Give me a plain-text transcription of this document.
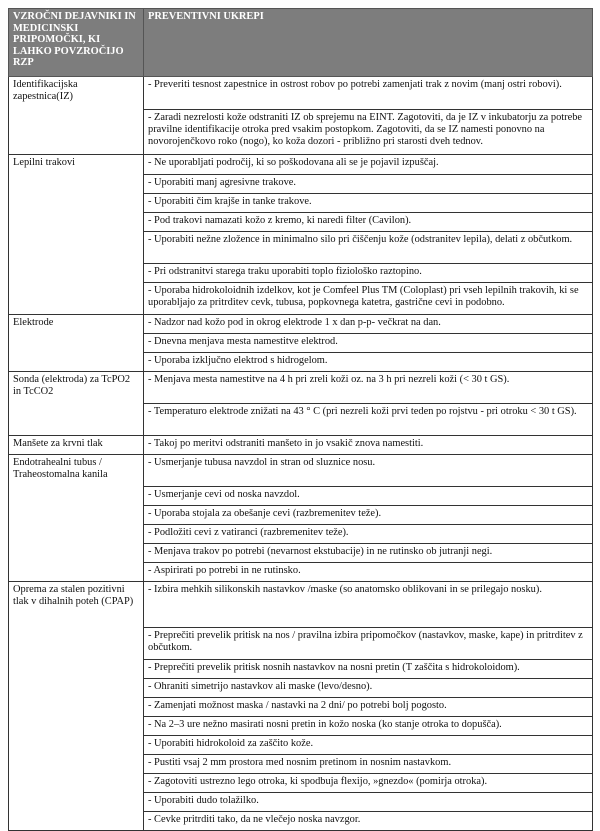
VZROČNI DEJAVNIKI IN MEDICINSKI PRIPOMOČKI, KI LAHKO POVZROČIJO RZP	PREVENTIVNI UKREPI
Identifikacijska zapestnica(IZ)	- Preveriti tesnost zapestnice in ostrost robov po potrebi zamenjati trak z novim (manj ostri robovi).
	- Zaradi nezrelosti kože odstraniti IZ ob sprejemu na EINT. Zagotoviti, da je IZ v inkubatorju za potrebe pravilne identifikacije otroka pred vsakim postopkom. Zagotoviti, da se IZ namesti ponovno na novorojenčkovo roko (nogo), ko koža dozori - približno pri starosti dveh tednov.
Lepilni trakovi	- Ne uporabljati področij, ki so poškodovana ali se je pojavil izpuščaj.
	- Uporabiti manj agresivne trakove.
	- Uporabiti čim krajše in tanke trakove.
	- Pod trakovi namazati kožo z kremo, ki naredi filter (Cavilon).
	- Uporabiti nežne zložence in minimalno silo pri čiščenju kože (odstranitev lepila), delati z občutkom.
	- Pri odstranitvi starega traku uporabiti toplo fiziološko raztopino.
	- Uporaba hidrokoloidnih izdelkov, kot je Comfeel Plus TM (Coloplast) pri vseh lepilnih trakovih, ki se uporabljajo za pritrditev cevk, tubusa, popkovnega katetra, gastrične cevi in podobno.
Elektrode	- Nadzor nad kožo pod in okrog elektrode 1 x dan p-p- večkrat na dan.
	- Dnevna menjava mesta namestitve elektrod.
	- Uporaba izključno elektrod s hidrogelom.
Sonda (elektroda) za TcPO2 in TcCO2	- Menjava mesta namestitve na 4 h pri zreli koži oz. na 3 h pri nezreli koži (< 30 t GS).
	- Temperaturo elektrode znižati na 43 ° C (pri nezreli koži prvi teden po rojstvu - pri otroku < 30 t GS).
Manšete za krvni tlak	- Takoj po meritvi odstraniti manšeto in jo vsakič znova namestiti.
Endotrahealni tubus / Traheostomalna kanila	- Usmerjanje tubusa navzdol in stran od sluznice nosu.
	- Usmerjanje cevi od noska navzdol.
	- Uporaba stojala za obešanje cevi (razbremenitev teže).
	- Podložiti cevi z vatiranci (razbremenitev teže).
	- Menjava trakov po potrebi (nevarnost ekstubacije) in ne rutinsko ob jutranji negi.
	- Aspirirati po potrebi in ne rutinsko.
Oprema za stalen pozitivni tlak v dihalnih poteh (CPAP)	- Izbira mehkih silikonskih nastavkov /maske (so anatomsko oblikovani in se prilegajo nosku).
	- Preprečiti prevelik pritisk na nos / pravilna izbira pripomočkov (nastavkov, maske, kape) in pritrditev z občutkom.
	- Preprečiti prevelik pritisk nosnih nastavkov na nosni pretin (T zaščita s hidrokoloidom).
	- Ohraniti simetrijo nastavkov ali maske (levo/desno).
	- Zamenjati možnost maska / nastavki na 2 dni/ po potrebi bolj pogosto.
	- Na 2–3 ure nežno masirati nosni pretin in kožo noska (ko stanje otroka to dopušča).
	- Uporabiti hidrokoloid za zaščito kože.
	- Pustiti vsaj 2 mm prostora med nosnim pretinom in nosnim nastavkom.
	- Zagotoviti ustrezno lego otroka, ki spodbuja flexijo, »gnezdo« (pomirja otroka).
	- Uporabiti dudo tolažilko.
	- Cevke pritrditi tako, da ne vlečejo noska navzgor.
